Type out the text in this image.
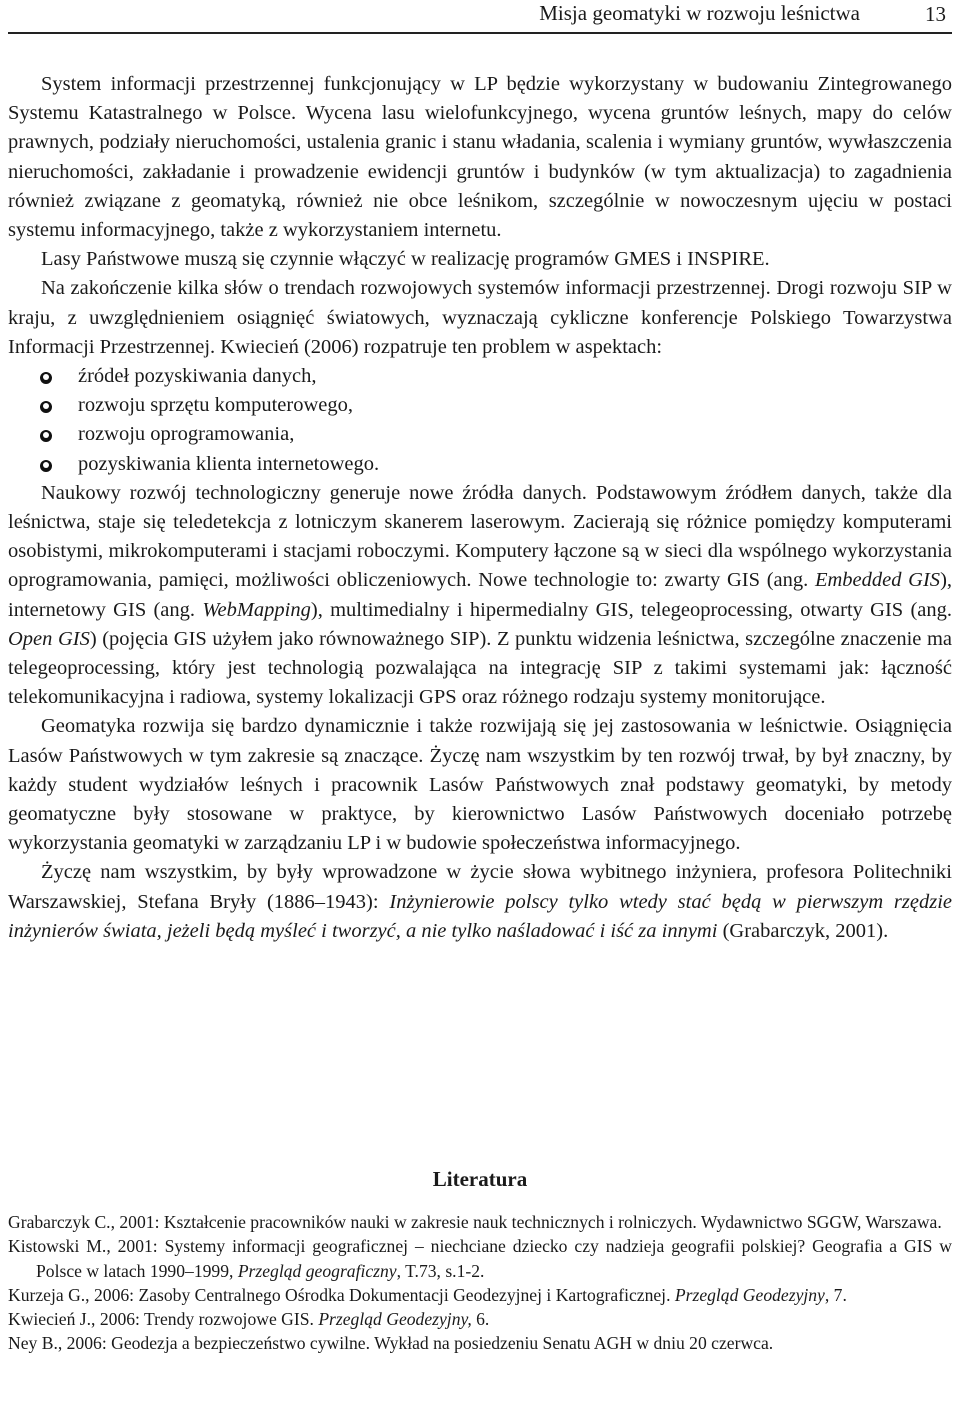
Misja geomatyki w rozwoju leśnictwa	13

System informacji przestrzennej funkcjonujący w LP będzie wykorzystany w budowaniu Zintegrowanego Systemu Katastralnego w Polsce. Wycena lasu wielofunkcyjnego, wycena gruntów leśnych, mapy do celów prawnych, podziały nieruchomości, ustalenia granic i stanu władania, scalenia i wymiany gruntów, wywłaszczenia nieruchomości, zakładanie i prowadzenie ewidencji gruntów i budynków (w tym aktualizacja) to zagadnienia również związane z geomatyką, również nie obce leśnikom, szczególnie w nowoczesnym ujęciu w postaci systemu informacyjnego, także z wykorzystaniem internetu.

Lasy Państwowe muszą się czynnie włączyć w realizację programów GMES i INSPIRE.

Na zakończenie kilka słów o trendach rozwojowych systemów informacji przestrzennej. Drogi rozwoju SIP w kraju, z uwzględnieniem osiągnięć światowych, wyznaczają cykliczne konferencje Polskiego Towarzystwa Informacji Przestrzennej. Kwiecień (2006) rozpatruje ten problem w aspektach:

źródeł pozyskiwania danych,
rozwoju sprzętu komputerowego,
rozwoju oprogramowania,
pozyskiwania klienta internetowego.

Naukowy rozwój technologiczny generuje nowe źródła danych. Podstawowym źródłem danych, także dla leśnictwa, staje się teledetekcja z lotniczym skanerem laserowym. Zacierają się różnice pomiędzy komputerami osobistymi, mikrokomputerami i stacjami roboczymi. Komputery łączone są w sieci dla wspólnego wykorzystania oprogramowania, pamięci, możliwości obliczeniowych. Nowe technologie to: zwarty GIS (ang. Embedded GIS), internetowy GIS (ang. WebMapping), multimedialny i hipermedialny GIS, telegeoprocessing, otwarty GIS (ang. Open GIS) (pojęcia GIS użyłem jako równoważnego SIP). Z punktu widzenia leśnictwa, szczególne znaczenie ma telegeoprocessing, który jest technologią pozwalająca na integrację SIP z takimi systemami jak: łączność telekomunikacyjna i radiowa, systemy lokalizacji GPS oraz różnego rodzaju systemy monitorujące.

Geomatyka rozwija się bardzo dynamicznie i także rozwijają się jej zastosowania w leśnictwie. Osiągnięcia Lasów Państwowych w tym zakresie są znaczące. Życzę nam wszystkim by ten rozwój trwał, by był znaczny, by każdy student wydziałów leśnych i pracownik Lasów Państwowych znał podstawy geomatyki, by metody geomatyczne były stosowane w praktyce, by kierownictwo Lasów Państwowych doceniało potrzebę wykorzystania geomatyki w zarządzaniu LP i w budowie społeczeństwa informacyjnego.

Życzę nam wszystkim, by były wprowadzone w życie słowa wybitnego inżyniera, profesora Politechniki Warszawskiej, Stefana Bryły (1886–1943): Inżynierowie polscy tylko wtedy stać będą w pierwszym rzędzie inżynierów świata, jeżeli będą myśleć i tworzyć, a nie tylko naśladować i iść za innymi (Grabarczyk, 2001).

Literatura

Grabarczyk C., 2001: Kształcenie pracowników nauki w zakresie nauk technicznych i rolniczych. Wydawnictwo SGGW, Warszawa.

Kistowski M., 2001: Systemy informacji geograficznej – niechciane dziecko czy nadzieja geografii polskiej? Geografia a GIS w Polsce w latach 1990–1999, Przegląd geograficzny, T.73, s.1-2.

Kurzeja G., 2006: Zasoby Centralnego Ośrodka Dokumentacji Geodezyjnej i Kartograficznej. Przegląd Geodezyjny, 7.

Kwiecień J., 2006: Trendy rozwojowe GIS. Przegląd Geodezyjny, 6.

Ney B., 2006: Geodezja a bezpieczeństwo cywilne. Wykład na posiedzeniu Senatu AGH w dniu 20 czerwca.
